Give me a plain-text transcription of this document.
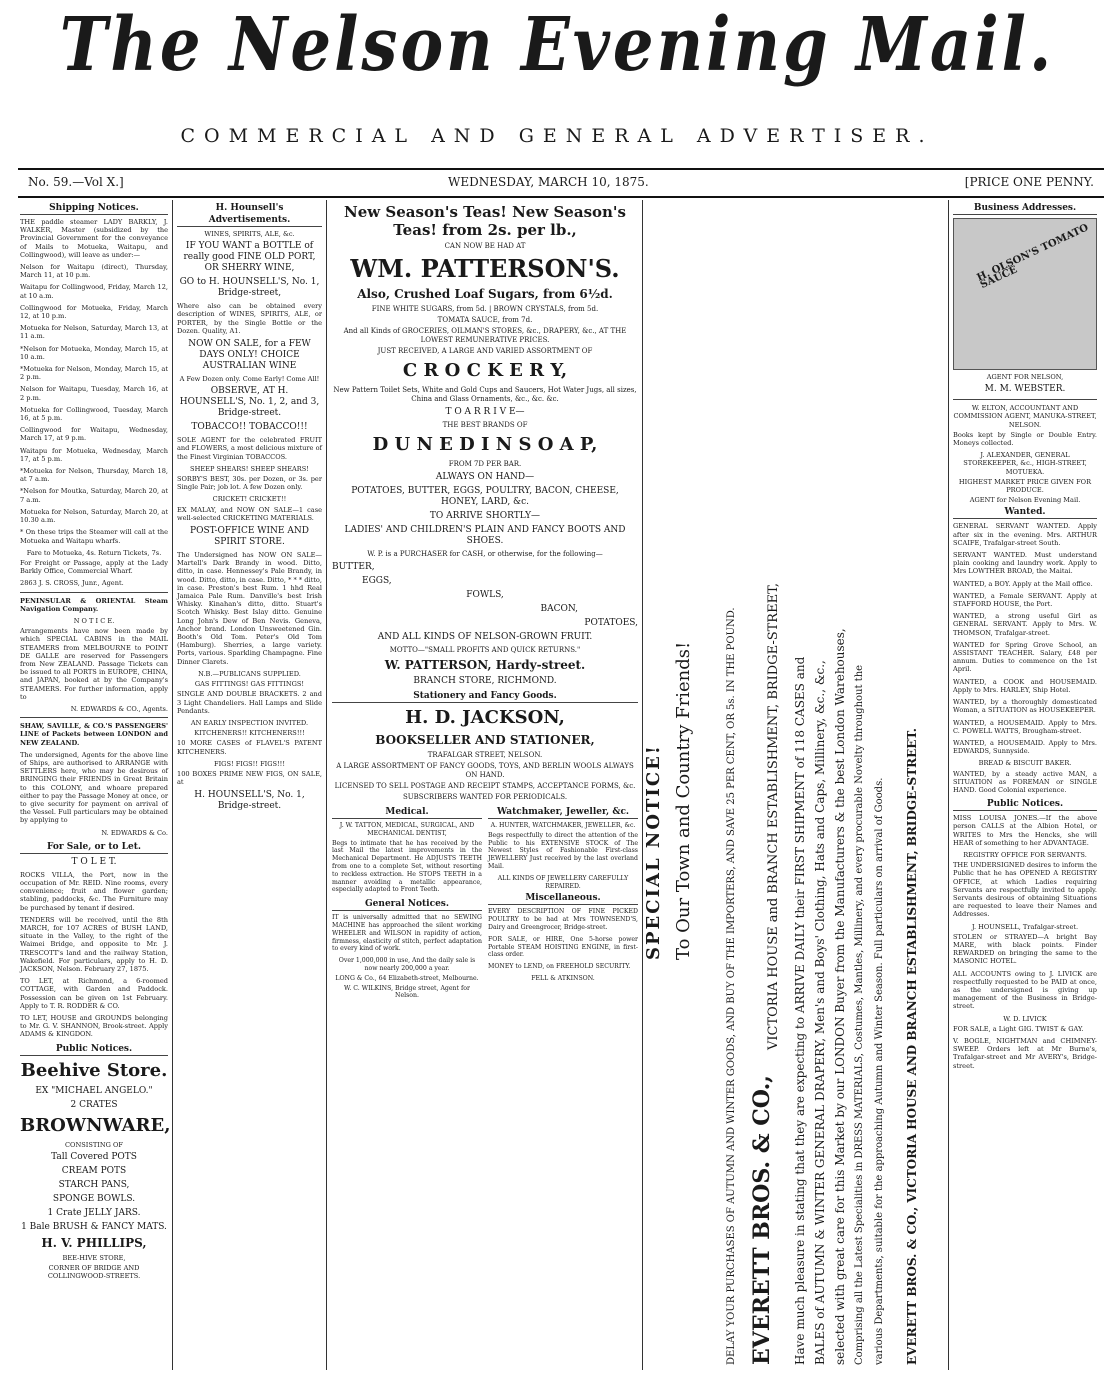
The Nelson Evening Mail.
COMMERCIAL AND GENERAL ADVERTISER.
No. 59.—Vol X.]	WEDNESDAY, MARCH 10, 1875.	[PRICE ONE PENNY.
Shipping Notices.
THE paddle steamer LADY BARKLY, J. WALKER, Master (subsidized by the Provincial Government for the conveyance of Mails to Motueka, Waitapu, and Collingwood), will leave as under:—
Nelson for Waitapu (direct), Thursday, March 11, at 10 p.m.
Waitapu for Collingwood, Friday, March 12, at 10 a.m.
Collingwood for Motueka, Friday, March 12, at 10 p.m.
Motueka for Nelson, Saturday, March 13, at 11 a.m.
*Nelson for Motueka, Monday, March 15, at 10 a.m.
*Motueka for Nelson, Monday, March 15, at 2 p.m.
Nelson for Waitapu, Tuesday, March 16, at 2 p.m.
Motueka for Collingwood, Tuesday, March 16, at 5 p.m.
Collingwood for Waitapu, Wednesday, March 17, at 9 p.m.
Waitapu for Motueka, Wednesday, March 17, at 5 p.m.
*Motueka for Nelson, Thursday, March 18, at 7 a.m.
*Nelson for Moutka, Saturday, March 20, at 7 a.m.
Motueka for Nelson, Saturday, March 20, at 10.30 a.m.
* On these trips the Steamer will call at the Motueka and Waitapu wharfs.
Fare to Motueka, 4s. Return Tickets, 7s.
For Freight or Passage, apply at the Lady Barkly Office, Commercial Wharf.
2863 J. S. CROSS, Junr., Agent.
PENINSULAR & ORIENTAL Steam Navigation Company.
N O T I C E.
Arrangements have now been made by which SPECIAL CABINS in the MAIL STEAMERS from MELBOURNE to POINT DE GALLE are reserved for Passengers from New ZEALAND. Passage Tickets can be issued to all PORTS in EUROPE, CHINA, and JAPAN, booked at by the Company's STEAMERS. For further information, apply to
N. EDWARDS & CO., Agents.
SHAW, SAVILLE, & CO.'S PASSENGERS' LINE of Packets between LONDON and NEW ZEALAND.
The undersigned, Agents for the above line of Ships, are authorised to ARRANGE with SETTLERS here, who may be desirous of BRINGING their FRIENDS in Great Britain to this COLONY, and whoare prepared either to pay the Passage Money at once, or to give security for payment on arrival of the Vessel. Full particulars may be obtained by applying to
N. EDWARDS & Co.
For Sale, or to Let.
T O L E T.
ROCKS VILLA, the Port, now in the occupation of Mr. REID. Nine rooms, every convenience; fruit and flower garden; stabling, paddocks, &c. The Furniture may be purchased by tenant if desired.
TENDERS will be received, until the 8th MARCH, for 107 ACRES of BUSH LAND, situate in the Valley, to the right of the Waimei Bridge, and opposite to Mr. J. TRESCOTT's land and the railway Station, Wakefield. For particulars, apply to H. D. JACKSON, Nelson. February 27, 1875.
TO LET, at Richmond, a 6-roomed COTTAGE, with Garden and Paddock. Possession can be given on 1st February. Apply to T. R. RODDER & CO.
TO LET, HOUSE and GROUNDS belonging to Mr. G. V. SHANNON, Brook-street. Apply ADAMS & KINGDON.
Public Notices.
Beehive Store.
EX "MICHAEL ANGELO."
2 CRATES
BROWNWARE,
CONSISTING OF
Tall Covered POTS
CREAM POTS
STARCH PANS,
SPONGE BOWLS.
1 Crate JELLY JARS.
1 Bale BRUSH & FANCY MATS.
H. V. PHILLIPS,
BEE-HIVE STORE,
CORNER OF BRIDGE AND COLLINGWOOD-STREETS.
H. Hounsell's Advertisements.
WINES, SPIRITS, ALE, &c.
IF YOU WANT a BOTTLE of really good FINE OLD PORT, OR SHERRY WINE,
GO to H. HOUNSELL'S, No. 1, Bridge-street,
Where also can be obtained every description of WINES, SPIRITS, ALE, or PORTER, by the Single Bottle or the Dozen. Quality, A1.
NOW ON SALE, for a FEW DAYS ONLY! CHOICE AUSTRALIAN WINE
A Few Dozen only. Come Early! Come All!
OBSERVE, AT H. HOUNSELL'S, No. 1, 2, and 3, Bridge-street.
TOBACCO!! TOBACCO!!!
SOLE AGENT for the celebrated FRUIT and FLOWERS, a most delicious mixture of the Finest Virginian TOBACCOS.
SHEEP SHEARS! SHEEP SHEARS!
SORBY'S BEST, 30s. per Dozen, or 3s. per Single Pair; job lot. A few Dozen only.
CRICKET! CRICKET!!
EX MALAY, and NOW ON SALE—1 case well-selected CRICKETING MATERIALS.
POST-OFFICE WINE AND SPIRIT STORE.
The Undersigned has NOW ON SALE—Martell's Dark Brandy in wood. Ditto, ditto, in case. Hennessey's Pale Brandy, in wood. Ditto, ditto, in case. Ditto, * * * ditto, in case. Preston's best Rum. 1 hhd Real Jamaica Pale Rum. Danville's best Irish Whisky. Kinahan's ditto, ditto. Stuart's Scotch Whisky. Best Islay ditto. Genuine Long John's Dew of Ben Nevis. Geneva, Anchor brand. London Unsweetened Gin. Booth's Old Tom. Peter's Old Tom (Hamburg). Sherries, a large variety. Ports, various. Sparkling Champagne. Fine Dinner Clarets.
N.B.—PUBLICANS SUPPLIED.
GAS FITTINGS! GAS FITTINGS!
SINGLE AND DOUBLE BRACKETS. 2 and 3 Light Chandeliers. Hall Lamps and Slide Pendants.
AN EARLY INSPECTION INVITED.
KITCHENERS!! KITCHENERS!!!
10 MORE CASES of FLAVEL'S PATENT KITCHENERS.
FIGS! FIGS!! FIGS!!!
100 BOXES PRIME NEW FIGS, ON SALE, at
H. HOUNSELL'S, No. 1, Bridge-street.
New Season's Teas! New Season's Teas! from 2s. per lb.,
CAN NOW BE HAD AT
WM. PATTERSON'S.
Also, Crushed Loaf Sugars, from 6½d.
FINE WHITE SUGARS, from 5d. | BROWN CRYSTALS, from 5d.
TOMATA SAUCE, from 7d.
And all Kinds of GROCERIES, OILMAN'S STORES, &c., DRAPERY, &c., AT THE LOWEST REMUNERATIVE PRICES.
JUST RECEIVED, A LARGE AND VARIED ASSORTMENT OF
C R O C K E R Y,
New Pattern Toilet Sets, White and Gold Cups and Saucers, Hot Water Jugs, all sizes, China and Glass Ornaments, &c., &c. &c.
T O A R R I V E—
THE BEST BRANDS OF
D U N E D I N S O A P,
FROM 7D PER BAR.
ALWAYS ON HAND—
POTATOES, BUTTER, EGGS, POULTRY, BACON, CHEESE, HONEY, LARD, &c.
TO ARRIVE SHORTLY—
LADIES' AND CHILDREN'S PLAIN AND FANCY BOOTS AND SHOES.
W. P. is a PURCHASER for CASH, or otherwise, for the following—
BUTTER,
EGGS,
FOWLS,
BACON,
POTATOES,
AND ALL KINDS OF NELSON-GROWN FRUIT.
MOTTO—"SMALL PROFITS AND QUICK RETURNS."
W. PATTERSON, Hardy-street.
BRANCH STORE, RICHMOND.
Stationery and Fancy Goods.
H. D. JACKSON,
BOOKSELLER AND STATIONER,
TRAFALGAR STREET, NELSON.
A LARGE ASSORTMENT OF FANCY GOODS, TOYS, AND BERLIN WOOLS ALWAYS ON HAND.
LICENSED TO SELL POSTAGE AND RECEIPT STAMPS, ACCEPTANCE FORMS, &c.
SUBSCRIBERS WANTED FOR PERIODICALS.
Medical.
J. W. TATTON, MEDICAL, SURGICAL, AND MECHANICAL DENTIST,
Begs to intimate that he has received by the last Mail the latest improvements in the Mechanical Department. He ADJUSTS TEETH from one to a complete Set, without resorting to reckless extraction. He STOPS TEETH in a manner avoiding a metallic appearance, especially adapted to Front Teeth.
General Notices.
IT is universally admitted that no SEWING MACHINE has approached the silent working WHEELER and WILSON in rapidity of action, firmness, elasticity of stitch, perfect adaptation to every kind of work.
Over 1,000,000 in use, And the daily sale is now nearly 200,000 a year.
LONG & Co., 64 Elizabeth-street, Melbourne.
W. C. WILKINS, Bridge street, Agent for Nelson.
Watchmaker, Jeweller, &c.
A. HUNTER, WATCHMAKER, JEWELLER, &c.
Begs respectfully to direct the attention of the Public to his EXTENSIVE STOCK of The Newest Styles of Fashionable First-class JEWELLERY Just received by the last overland Mail.
ALL KINDS OF JEWELLERY CAREFULLY REPAIRED.
Miscellaneous.
EVERY DESCRIPTION OF FINE PICKED POULTRY to be had at Mrs TOWNSEND'S, Dairy and Greengrocer, Bridge-street.
FOR SALE, or HIRE, One 5-horse power Portable STEAM HOISTING ENGINE, in first-class order.
MONEY to LEND, on FREEHOLD SECURITY.
FELL & ATKINSON.	DELAY YOUR PURCHASES OF AUTUMN AND WINTER GOODS, AND BUY OF THE IMPORTERS, AND SAVE 25 PER CENT, OR 5s. IN THE POUND.
SPECIAL NOTICE! To Our Town and Country Friends!
EVERETT BROS. & CO.,
VICTORIA HOUSE and BRANCH ESTABLISHMENT, BRIDGE-STREET, Have much pleasure in stating that they are expecting to ARRIVE DAILY their FIRST SHIPMENT of 118 CASES and BALES of AUTUMN & WINTER GENERAL DRAPERY, Men's and Boys' Clothing, Hats and Caps, Millinery, &c., &c., selected with great care for this Market by our LONDON Buyer from the Manufacturers & the best London Warehouses, Comprising all the Latest Specialities in DRESS MATERIALS, Costumes, Mantles, Millinery, and every procurable Novelty throughout the various Departments, suitable for the approaching Autumn and Winter Season. Full particulars on arrival of Goods. EVERETT BROS. & CO., VICTORIA HOUSE AND BRANCH ESTABLISHMENT, BRIDGE-STREET.
Business Addresses.
H. OLSON'S TOMATO SAUCE
AGENT FOR NELSON,
M. M. WEBSTER.
W. ELTON, ACCOUNTANT AND COMMISSION AGENT, MANUKA-STREET, NELSON.
Books kept by Single or Double Entry. Moneys collected.
J. ALEXANDER, GENERAL STOREKEEPER, &c., HIGH-STREET, MOTUEKA.
HIGHEST MARKET PRICE GIVEN FOR PRODUCE.
AGENT for Nelson Evening Mail.
Wanted.
GENERAL SERVANT WANTED. Apply after six in the evening. Mrs. ARTHUR SCAIFE, Trafalgar-street South.
SERVANT WANTED. Must understand plain cooking and laundry work. Apply to Mrs LOWTHER BROAD, the Maitai.
WANTED, a BOY. Apply at the Mail office.
WANTED, a Female SERVANT. Apply at STAFFORD HOUSE, the Port.
WANTED, a strong useful Girl as GENERAL SERVANT. Apply to Mrs. W. THOMSON, Trafalgar-street.
WANTED for Spring Grove School, an ASSISTANT TEACHER. Salary, £48 per annum. Duties to commence on the 1st April.
WANTED, a COOK and HOUSEMAID. Apply to Mrs. HARLEY, Ship Hotel.
WANTED, by a thoroughly domesticated Woman, a SITUATION as HOUSEKEEPER.
WANTED, a HOUSEMAID. Apply to Mrs. C. POWELL WATTS, Brougham-street.
WANTED, a HOUSEMAID. Apply to Mrs. EDWARDS, Sunnyside.
BREAD & BISCUIT BAKER.
WANTED, by a steady active MAN, a SITUATION as FOREMAN or SINGLE HAND. Good Colonial experience.
Public Notices.
MISS LOUISA JONES.—If the above person CALLS at the Albion Hotel, or WRITES to Mrs the Hencks, she will HEAR of something to her ADVANTAGE.
REGISTRY OFFICE FOR SERVANTS.
THE UNDERSIGNED desires to inform the Public that he has OPENED A REGISTRY OFFICE, at which Ladies requiring Servants are respectfully invited to apply. Servants desirous of obtaining Situations are requested to leave their Names and Addresses.
J. HOUNSELL, Trafalgar-street.
STOLEN or STRAYED—A bright Bay MARE, with black points. Finder REWARDED on bringing the same to the MASONIC HOTEL.
ALL ACCOUNTS owing to J. LIVICK are respectfully requested to be PAID at once, as the undersigned is giving up management of the Business in Bridge-street.
W. D. LIVICK
FOR SALE, a Light GIG. TWIST & GAY.
V. BOGLE, NIGHTMAN and CHIMNEY-SWEEP. Orders left at Mr Burne's, Trafalgar-street and Mr AVERY's, Bridge-street.
